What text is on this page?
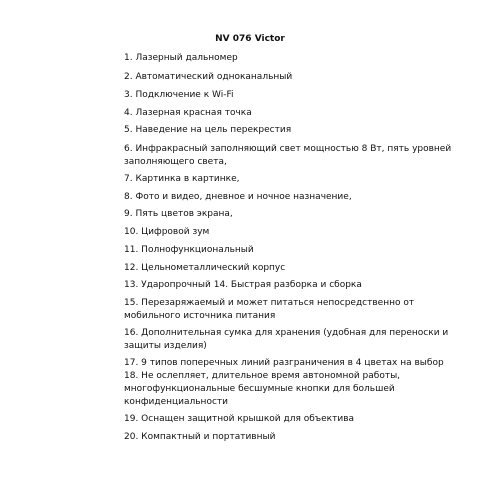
NV 076 Victor
1. Лазерный дальномер
2. Автоматический одноканальный
3. Подключение к Wi-Fi
4. Лазерная красная точка
5. Наведение на цель перекрестия
6. Инфракрасный заполняющий свет мощностью 8 Вт, пять уровней
заполняющего света,
7. Картинка в картинке,
8. Фото и видео, дневное и ночное назначение,
9. Пять цветов экрана,
10. Цифровой зум
11. Полнофункциональный
12. Цельнометаллический корпус
13. Ударопрочный 14. Быстрая разборка и сборка
15. Перезаряжаемый и может питаться непосредственно от
мобильного источника питания
16. Дополнительная сумка для хранения (удобная для переноски и
защиты изделия)
17. 9 типов поперечных линий разграничения в 4 цветах на выбор
18. Не ослепляет, длительное время автономной работы,
многофункциональные бесшумные кнопки для большей
конфиденциальности
19. Оснащен защитной крышкой для объектива
20. Компактный и портативный
